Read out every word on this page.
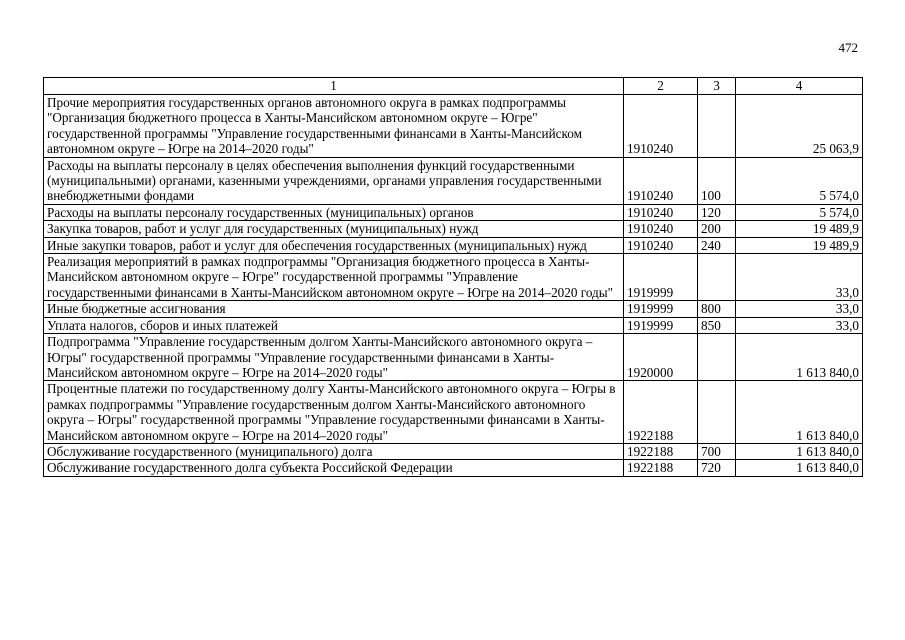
472
1	2	3	4
Прочие мероприятия государственных органов автономного округа в рамках подпрограммы "Организация бюджетного процесса в Ханты-Мансийском автономном округе – Югре" государственной программы "Управление государственными финансами в Ханты-Мансийском автономном округе – Югре на 2014–2020 годы"	1910240		25 063,9
Расходы на выплаты персоналу в целях обеспечения выполнения функций государственными (муниципальными) органами, казенными учреждениями, органами управления государственными внебюджетными фондами	1910240	100	5 574,0
Расходы на выплаты персоналу государственных (муниципальных) органов	1910240	120	5 574,0
Закупка товаров, работ и услуг для государственных (муниципальных) нужд	1910240	200	19 489,9
Иные закупки товаров, работ и услуг для обеспечения государственных (муниципальных) нужд	1910240	240	19 489,9
Реализация мероприятий в рамках подпрограммы "Организация бюджетного процесса в Ханты-Мансийском автономном округе – Югре" государственной программы "Управление государственными финансами в Ханты-Мансийском автономном округе – Югре на 2014–2020 годы"	1919999		33,0
Иные бюджетные ассигнования	1919999	800	33,0
Уплата налогов, сборов и иных платежей	1919999	850	33,0
Подпрограмма "Управление государственным долгом Ханты-Мансийского автономного округа – Югры" государственной программы "Управление государственными финансами в Ханты-Мансийском автономном округе – Югре на 2014–2020 годы"	1920000		1 613 840,0
Процентные платежи по государственному долгу Ханты-Мансийского автономного округа – Югры в рамках подпрограммы "Управление государственным долгом Ханты-Мансийского автономного округа – Югры" государственной программы "Управление государственными финансами в Ханты-Мансийском автономном округе – Югре на 2014–2020 годы"	1922188		1 613 840,0
Обслуживание государственного (муниципального) долга	1922188	700	1 613 840,0
Обслуживание государственного долга субъекта Российской Федерации	1922188	720	1 613 840,0
